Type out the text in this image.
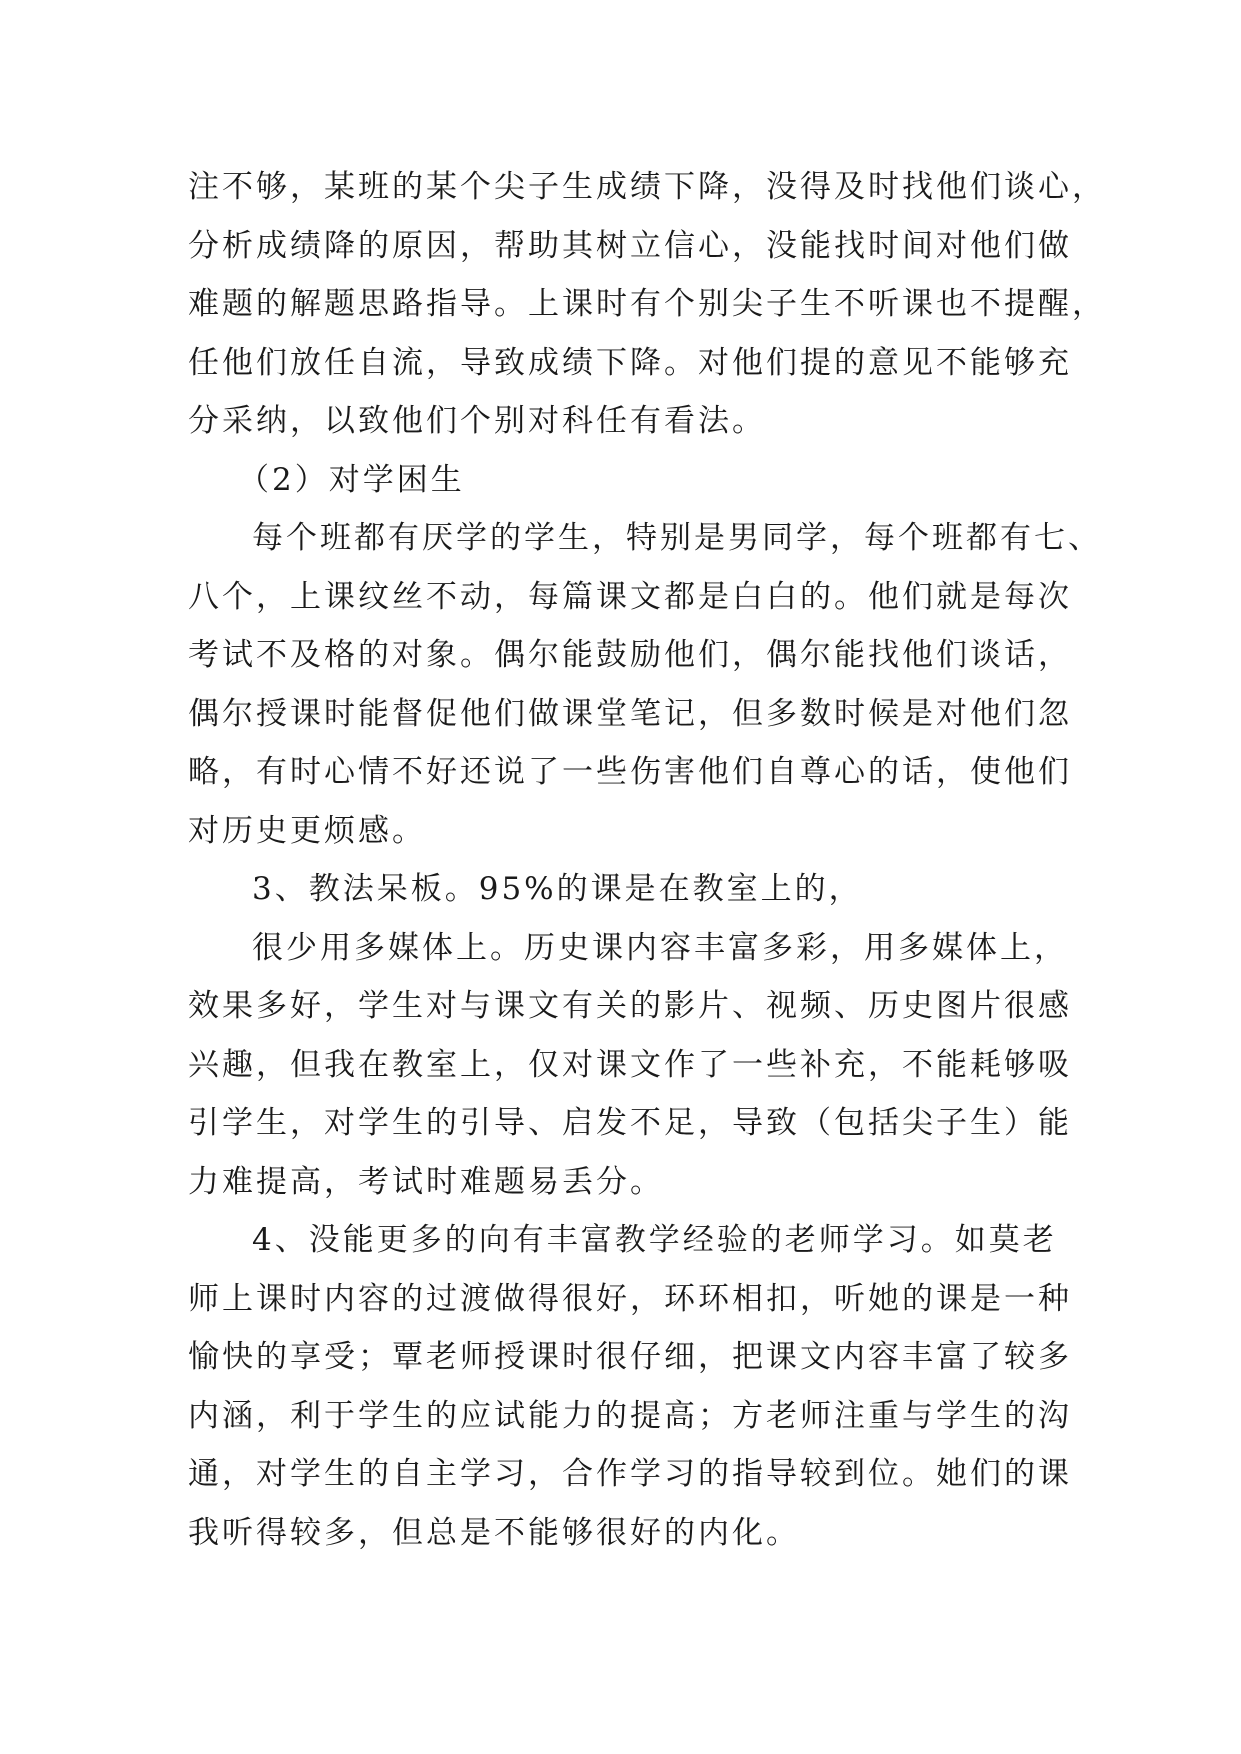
注不够，某班的某个尖子生成绩下降，没得及时找他们谈心，
分析成绩降的原因，帮助其树立信心，没能找时间对他们做
难题的解题思路指导。上课时有个别尖子生不听课也不提醒，
任他们放任自流，导致成绩下降。对他们提的意见不能够充
分采纳，以致他们个别对科任有看法。
（2）对学困生
每个班都有厌学的学生，特别是男同学，每个班都有七、
八个，上课纹丝不动，每篇课文都是白白的。他们就是每次
考试不及格的对象。偶尔能鼓励他们，偶尔能找他们谈话，
偶尔授课时能督促他们做课堂笔记，但多数时候是对他们忽
略，有时心情不好还说了一些伤害他们自尊心的话，使他们
对历史更烦感。
3、教法呆板。95%的课是在教室上的，
很少用多媒体上。历史课内容丰富多彩，用多媒体上，
效果多好，学生对与课文有关的影片、视频、历史图片很感
兴趣，但我在教室上，仅对课文作了一些补充，不能耗够吸
引学生，对学生的引导、启发不足，导致（包括尖子生）能
力难提高，考试时难题易丢分。
4、没能更多的向有丰富教学经验的老师学习。如莫老
师上课时内容的过渡做得很好，环环相扣，听她的课是一种
愉快的享受；覃老师授课时很仔细，把课文内容丰富了较多
内涵，利于学生的应试能力的提高；方老师注重与学生的沟
通，对学生的自主学习，合作学习的指导较到位。她们的课
我听得较多，但总是不能够很好的内化。
